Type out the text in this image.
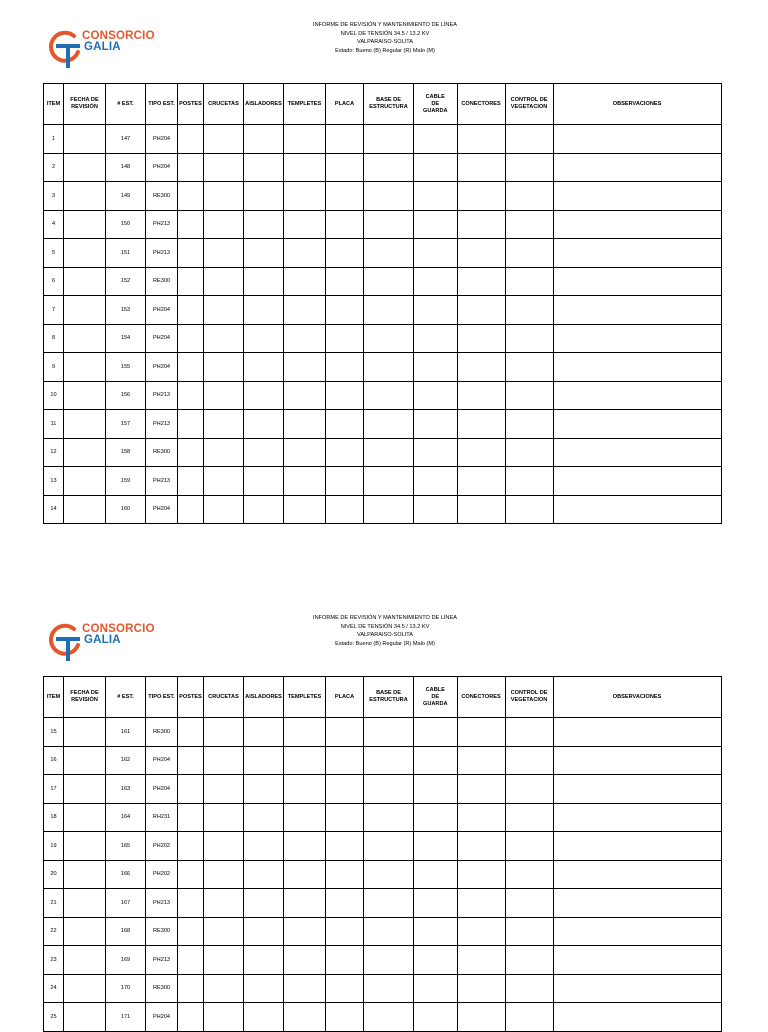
CONSORCIO
GALIA
INFORME DE REVISIÓN Y MANTENIMIENTO DE LÍNEA
NIVEL DE TENSIÓN 34.5 / 13.2 KV
VALPARAISO-SOLITA
Estado: Bueno (B) Regular (R) Malo (M)
ITEM	FECHA DE REVISIÓN	# EST.	TIPO EST.	POSTES	CRUCETAS	AISLADORES	TEMPLETES	PLACA	BASE DE ESTRUCTURA	CABLE DE GUARDA	CONECTORES	CONTROL DE VEGETACION	OBSERVACIONES
1		147	PH204										
2		148	PH204										
3		149	RE300										
4		150	PH213										
5		151	PH213										
6		152	RE300										
7		153	PH204										
8		154	PH204										
9		155	PH204										
10		156	PH213										
11		157	PH213										
12		158	RE300										
13		159	PH213										
14		160	PH204										
CONSORCIO
GALIA
INFORME DE REVISIÓN Y MANTENIMIENTO DE LÍNEA
NIVEL DE TENSIÓN 34.5 / 13.2 KV
VALPARAISO-SOLITA
Estado: Bueno (B) Regular (R) Malo (M)
ITEM	FECHA DE REVISIÓN	# EST.	TIPO EST.	POSTES	CRUCETAS	AISLADORES	TEMPLETES	PLACA	BASE DE ESTRUCTURA	CABLE DE GUARDA	CONECTORES	CONTROL DE VEGETACION	OBSERVACIONES
15		161	RE300										
16		162	PH204										
17		163	PH204										
18		164	RH231										
19		165	PH202										
20		166	PH202										
21		167	PH213										
22		168	RE300										
23		169	PH213										
24		170	RE300										
25		171	PH204										
